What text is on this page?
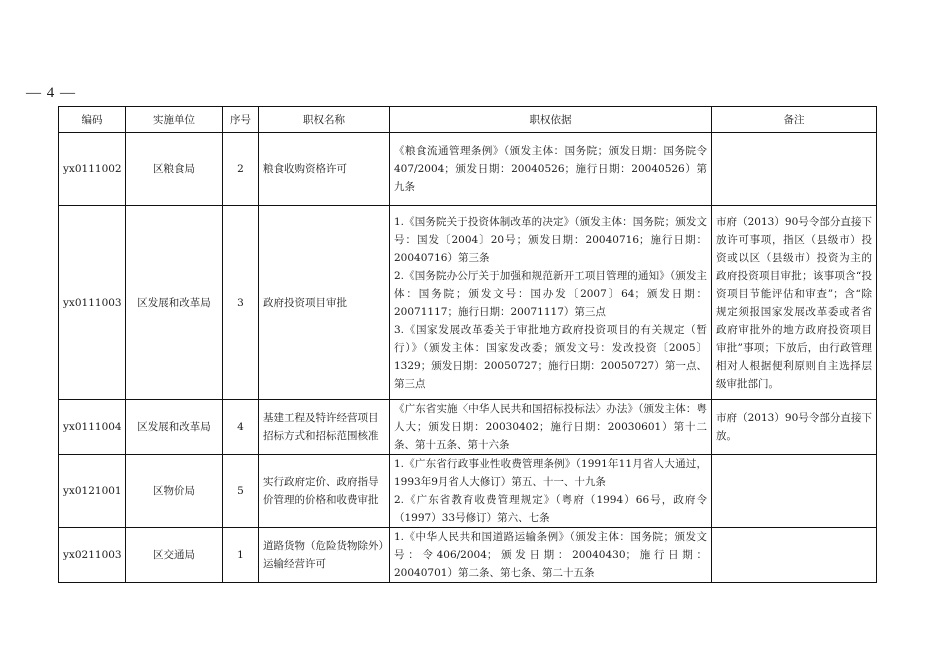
— 4 —
编码	实施单位	序号	职权名称	职权依据	备注
yx0111002	区粮食局	2	粮食收购资格许可	《粮食流通管理条例》（颁发主体：国务院；颁发日期：国务院令407/2004；颁发日期：20040526；施行日期：20040526）第九条	

yx0111003	区发展和改革局	3	政府投资项目审批	1.《国务院关于投资体制改革的决定》（颁发主体：国务院；颁发文号：国发〔2004〕20号；颁发日期：20040716；施行日期：20040716）第三条
2.《国务院办公厅关于加强和规范新开工项目管理的通知》（颁发主体：国务院；颁发文号：国办发〔2007〕64；颁发日期：20071117；施行日期：20071117）第三点
3.《国家发展改革委关于审批地方政府投资项目的有关规定（暂行）》（颁发主体：国家发改委；颁发文号：发改投资〔2005〕1329；颁发日期：20050727；施行日期：20050727）第一点、第三点	市府（2013）90号令部分直接下放许可事项，指区（县级市）投资或以区（县级市）投资为主的政府投资项目审批；该事项含“投资项目节能评估和审查”；含“除规定须报国家发展改革委或者省政府审批外的地方政府投资项目审批”事项；下放后，由行政管理相对人根据便利原则自主选择层级审批部门。
yx0111004	区发展和改革局	4	基建工程及特许经营项目招标方式和招标范围核准	《广东省实施〈中华人民共和国招标投标法〉办法》（颁发主体：粤人大；颁发日期：20030402；施行日期：20030601）第十二条、第十五条、第十六条	市府（2013）90号令部分直接下放。
yx0121001	区物价局	5	实行政府定价、政府指导价管理的价格和收费审批	1.《广东省行政事业性收费管理条例》（1991年11月省人大通过，1993年9月省人大修订）第五、十一、十九条
2.《广东省教育收费管理规定》（粤府（1994）66号，政府令（1997）33号修订）第六、七条	

yx0211003	区交通局	1	道路货物（危险货物除外）运输经营许可	1.《中华人民共和国道路运输条例》（颁发主体：国务院；颁发文号：令406/2004；颁发日期：20040430；施行日期：20040701）第二条、第七条、第二十五条	
